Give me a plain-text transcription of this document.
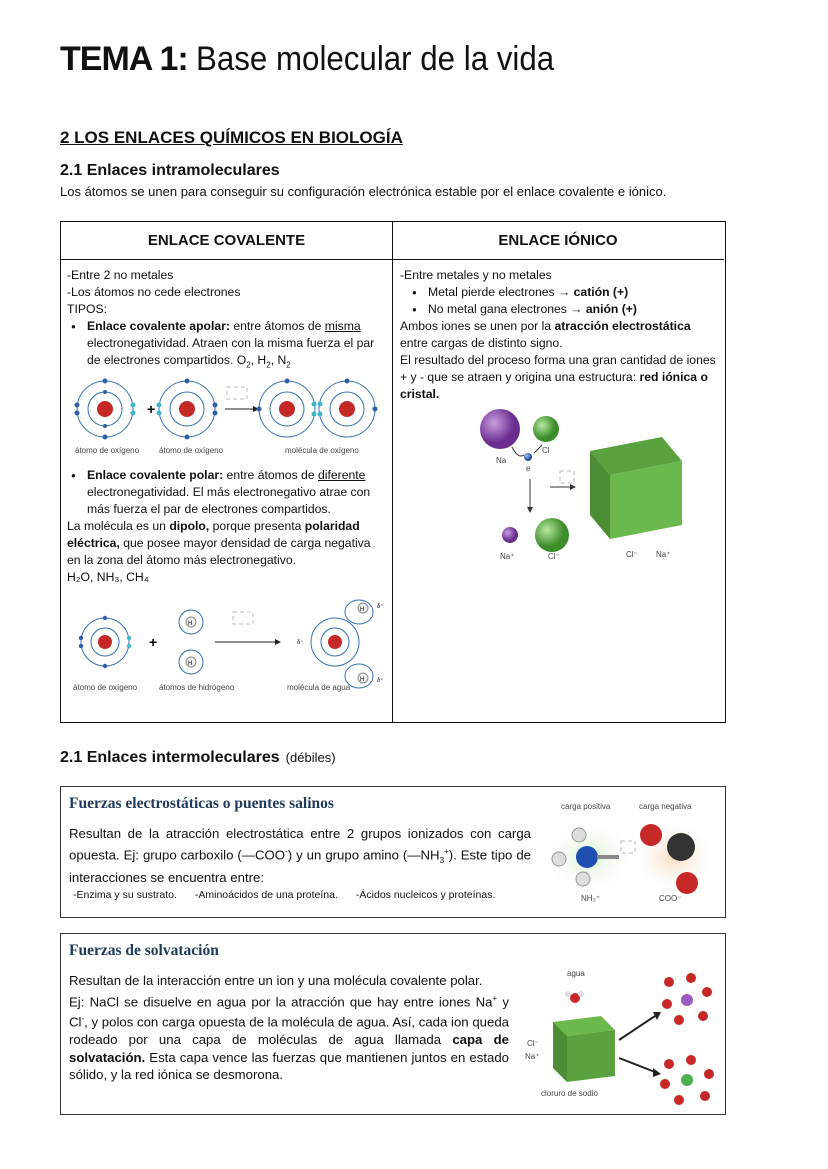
TEMA 1: Base molecular de la vida
2 LOS ENLACES QUÍMICOS EN BIOLOGÍA
2.1 Enlaces intramoleculares
Los átomos se unen para conseguir su configuración electrónica estable por el enlace covalente e iónico.
ENLACE COVALENTE	ENLACE IÓNICO
-Entre 2 no metales
-Los átomos no cede electrones
TIPOS:
● Enlace covalente apolar: entre átomos de misma electronegatividad. Atraen con la misma fuerza el par de electrones compartidos. $O_2$, $H_2$, $N_2$
+
átomo de oxígeno átomo de oxígeno	molécula de oxígeno
● Enlace covalente polar: entre átomos de diferente electronegatividad. El más electronegativo atrae con más fuerza el par de electrones compartidos.
La molécula es un dipolo, porque presenta polaridad eléctrica, que posee mayor densidad de carga negativa en la zona del átomo más electronegativo.
H₂O, NH₃, CH₄
+
H
H
δ⁻
H δ⁺
H δ⁺
átomo de oxígeno	átomos de hidrógeno	molécula de agua
-Entre metales y no metales
● Metal pierde electrones → catión (+)
● No metal gana electrones → anión (+)
Ambos iones se unen por la atracción electrostática entre cargas de distinto signo.
El resultado del proceso forma una gran cantidad de iones + y - que se atraen y origina una estructura: red iónica o cristal.
Na
Cl
e
Na⁺	Cl⁻	Cl⁻ Na⁺
2.1 Enlaces intermoleculares (débiles)
Fuerzas electrostáticas o puentes salinos
Resultan de la atracción electrostática entre 2 grupos ionizados con carga opuesta. Ej: grupo carboxilo (—COO-) y un grupo amino $(—NH_3^+)$. Este tipo de interacciones se encuentra entre:
-Enzima y su sustrato. -Aminoácidos de una proteína. -Ácidos nucleicos y proteínas.
carga positiva	carga negativa
NH₃⁺	COO⁻
Fuerzas de solvatación
Resultan de la interacción entre un ion y una molécula covalente polar.
Ej: NaCl se disuelve en agua por la atracción que hay entre iones Na+ y Cl-, y polos con carga opuesta de la molécula de agua. Así, cada ion queda rodeado por una capa de moléculas de agua llamada capa de solvatación. Esta capa vence las fuerzas que mantienen juntos en estado sólido, y la red iónica se desmorona.
agua
Cl⁻
Na⁺
cloruro de sodio
